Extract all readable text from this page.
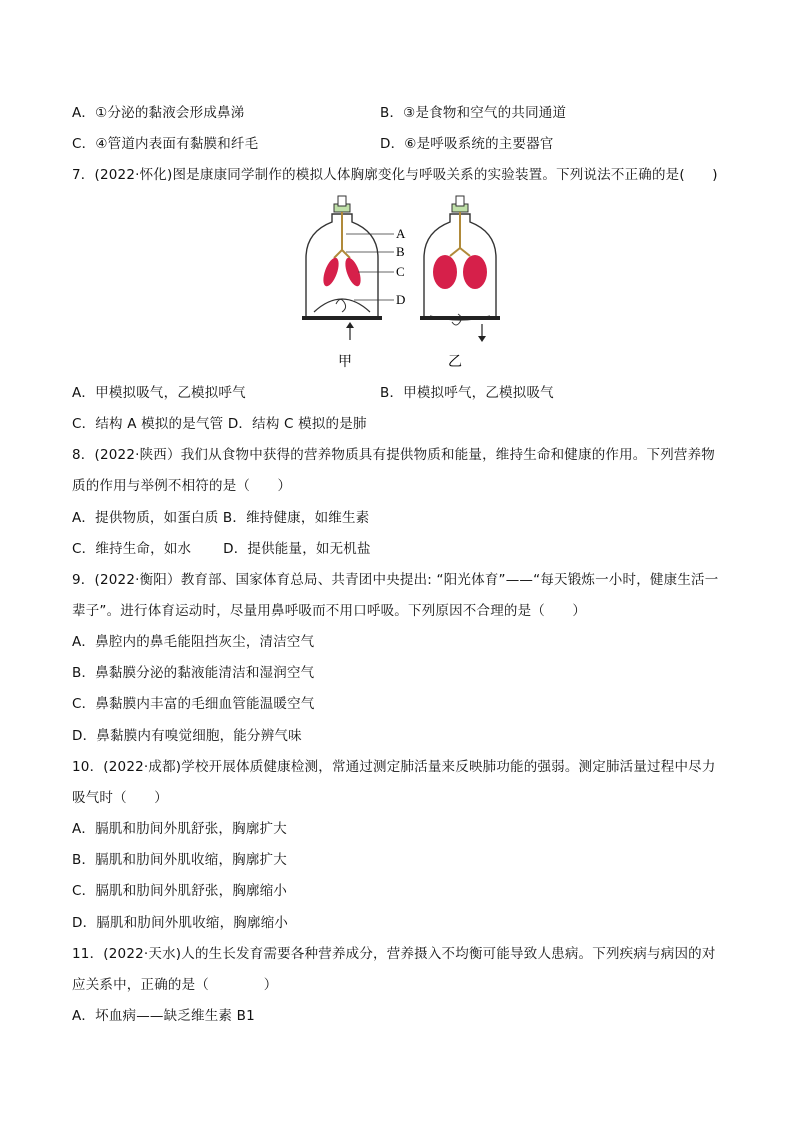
A．①分泌的黏液会形成鼻涕	B．③是食物和空气的共同通道
C．④管道内表面有黏膜和纤毛	D．⑥是呼吸系统的主要器官
7．(2022·怀化)图是康康同学制作的模拟人体胸廓变化与呼吸关系的实验装置。下列说法不正确的是(　　)
A
B
C
D
甲	乙
A．甲模拟吸气，乙模拟呼气	B．甲模拟呼气，乙模拟吸气
C．结构 A 模拟的是气管 D．结构 C 模拟的是肺
8．(2022·陕西）我们从食物中获得的营养物质具有提供物质和能量，维持生命和健康的作用。下列营养物
质的作用与举例不相符的是（　　）
A．提供物质，如蛋白质 B．维持健康，如维生素
C．维持生命，如水　　 D．提供能量，如无机盐
9．(2022·衡阳）教育部、国家体育总局、共青团中央提出: “阳光体育”——“每天锻炼一小时，健康生活一
辈子”。进行体育运动时，尽量用鼻呼吸而不用口呼吸。下列原因不合理的是（　　）
A．鼻腔内的鼻毛能阻挡灰尘，清洁空气
B．鼻黏膜分泌的黏液能清洁和湿润空气
C．鼻黏膜内丰富的毛细血管能温暖空气
D．鼻黏膜内有嗅觉细胞，能分辨气味
10．(2022·成都)学校开展体质健康检测，常通过测定肺活量来反映肺功能的强弱。测定肺活量过程中尽力
吸气时（　　）
A．膈肌和肋间外肌舒张，胸廓扩大
B．膈肌和肋间外肌收缩，胸廓扩大
C．膈肌和肋间外肌舒张，胸廓缩小
D．膈肌和肋间外肌收缩，胸廓缩小
11．(2022·天水)人的生长发育需要各种营养成分，营养摄入不均衡可能导致人患病。下列疾病与病因的对
应关系中，正确的是（　　　　）
A．坏血病——缺乏维生素 B1
